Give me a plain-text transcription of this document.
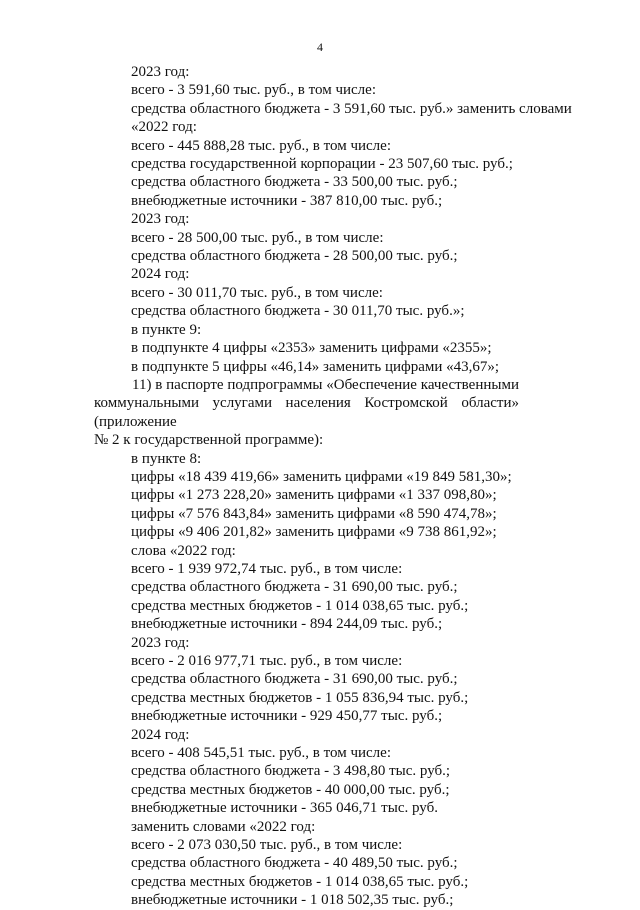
4
2023 год:
всего - 3 591,60 тыс. руб., в том числе:
средства областного бюджета - 3 591,60 тыс. руб.» заменить словами
«2022 год:
всего - 445 888,28 тыс. руб., в том числе:
средства государственной корпорации - 23 507,60 тыс. руб.;
средства областного бюджета - 33 500,00 тыс. руб.;
внебюджетные источники - 387 810,00 тыс. руб.;
2023 год:
всего - 28 500,00 тыс. руб., в том числе:
средства областного бюджета - 28 500,00 тыс. руб.;
2024 год:
всего - 30 011,70 тыс. руб., в том числе:
средства областного бюджета - 30 011,70 тыс. руб.»;
в пункте 9:
в подпункте 4 цифры «2353» заменить цифрами «2355»;
в подпункте 5 цифры «46,14» заменить цифрами «43,67»;
11) в паспорте подпрограммы «Обеспечение качественными
коммунальными услугами населения Костромской области» (приложение
№ 2 к государственной программе):
в пункте 8:
цифры «18 439 419,66» заменить цифрами «19 849 581,30»;
цифры «1 273 228,20» заменить цифрами «1 337 098,80»;
цифры «7 576 843,84» заменить цифрами «8 590 474,78»;
цифры «9 406 201,82» заменить цифрами «9 738 861,92»;
слова «2022 год:
всего - 1 939 972,74 тыс. руб., в том числе:
средства областного бюджета - 31 690,00 тыс. руб.;
средства местных бюджетов - 1 014 038,65 тыс. руб.;
внебюджетные источники - 894 244,09 тыс. руб.;
2023 год:
всего - 2 016 977,71 тыс. руб., в том числе:
средства областного бюджета - 31 690,00 тыс. руб.;
средства местных бюджетов - 1 055 836,94 тыс. руб.;
внебюджетные источники - 929 450,77 тыс. руб.;
2024 год:
всего - 408 545,51 тыс. руб., в том числе:
средства областного бюджета - 3 498,80 тыс. руб.;
средства местных бюджетов - 40 000,00 тыс. руб.;
внебюджетные источники - 365 046,71 тыс. руб.
заменить словами «2022 год:
всего - 2 073 030,50 тыс. руб., в том числе:
средства областного бюджета - 40 489,50 тыс. руб.;
средства местных бюджетов - 1 014 038,65 тыс. руб.;
внебюджетные источники - 1 018 502,35 тыс. руб.;
